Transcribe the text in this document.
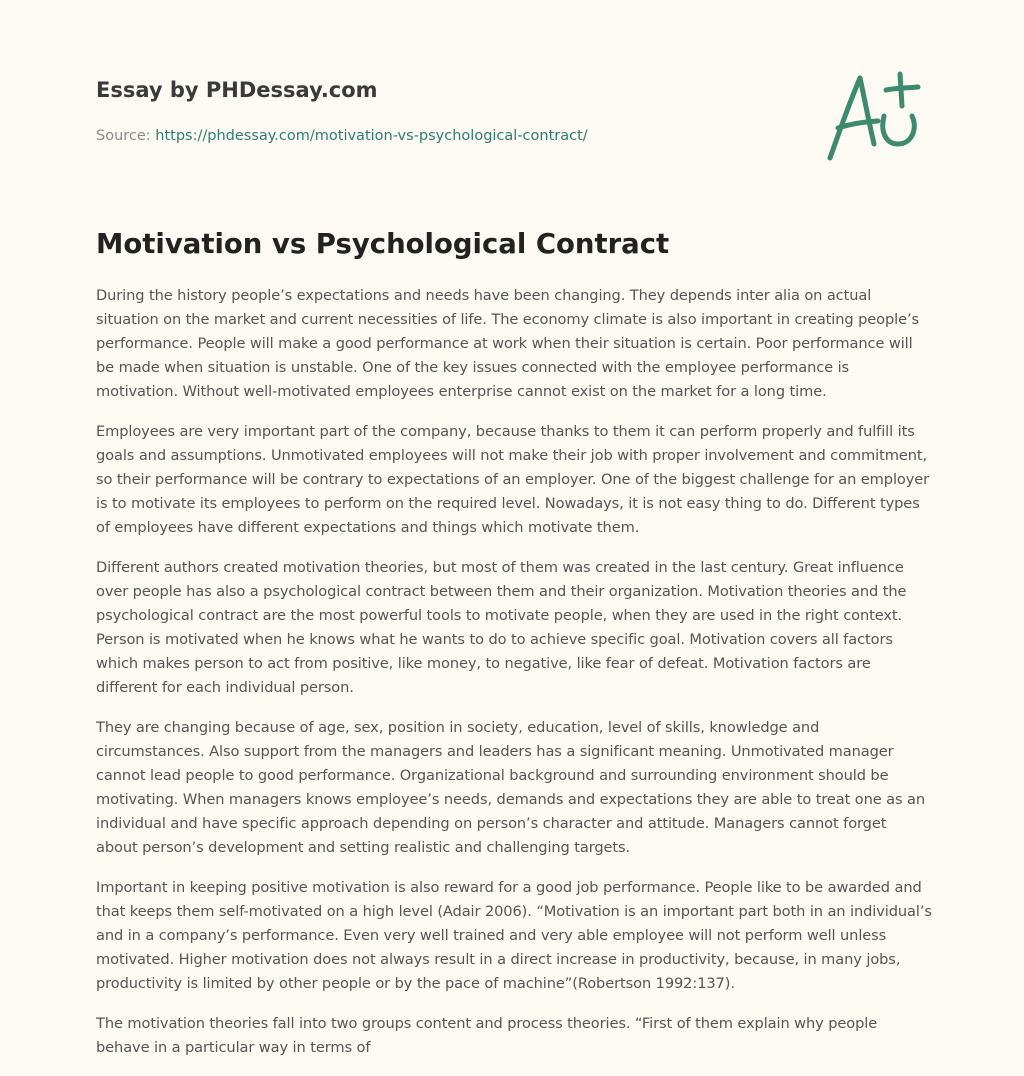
Essay by PHDessay.com
Source: https://phdessay.com/motivation-vs-psychological-contract/
Motivation vs Psychological Contract

During the history people’s expectations and needs have been changing. They depends inter alia on actual situation on the market and current necessities of life. The economy climate is also important in creating people’s performance. People will make a good performance at work when their situation is certain. Poor performance will be made when situation is unstable. One of the key issues connected with the employee performance is motivation. Without well-motivated employees enterprise cannot exist on the market for a long time.

Employees are very important part of the company, because thanks to them it can perform properly and fulfill its goals and assumptions. Unmotivated employees will not make their job with proper involvement and commitment, so their performance will be contrary to expectations of an employer. One of the biggest challenge for an employer is to motivate its employees to perform on the required level. Nowadays, it is not easy thing to do. Different types of employees have different expectations and things which motivate them.

Different authors created motivation theories, but most of them was created in the last century. Great influence over people has also a psychological contract between them and their organization. Motivation theories and the psychological contract are the most powerful tools to motivate people, when they are used in the right context. Person is motivated when he knows what he wants to do to achieve specific goal. Motivation covers all factors which makes person to act from positive, like money, to negative, like fear of defeat. Motivation factors are different for each individual person.

They are changing because of age, sex, position in society, education, level of skills, knowledge and circumstances. Also support from the managers and leaders has a significant meaning. Unmotivated manager cannot lead people to good performance. Organizational background and surrounding environment should be motivating. When managers knows employee’s needs, demands and expectations they are able to treat one as an individual and have specific approach depending on person’s character and attitude. Managers cannot forget about person’s development and setting realistic and challenging targets.

Important in keeping positive motivation is also reward for a good job performance. People like to be awarded and that keeps them self-motivated on a high level (Adair 2006). “Motivation is an important part both in an individual’s and in a company’s performance. Even very well trained and very able employee will not perform well unless motivated. Higher motivation does not always result in a direct increase in productivity, because, in many jobs, productivity is limited by other people or by the pace of machine”(Robertson 1992:137).

The motivation theories fall into two groups content and process theories. “First of them explain why people behave in a particular way in terms of
